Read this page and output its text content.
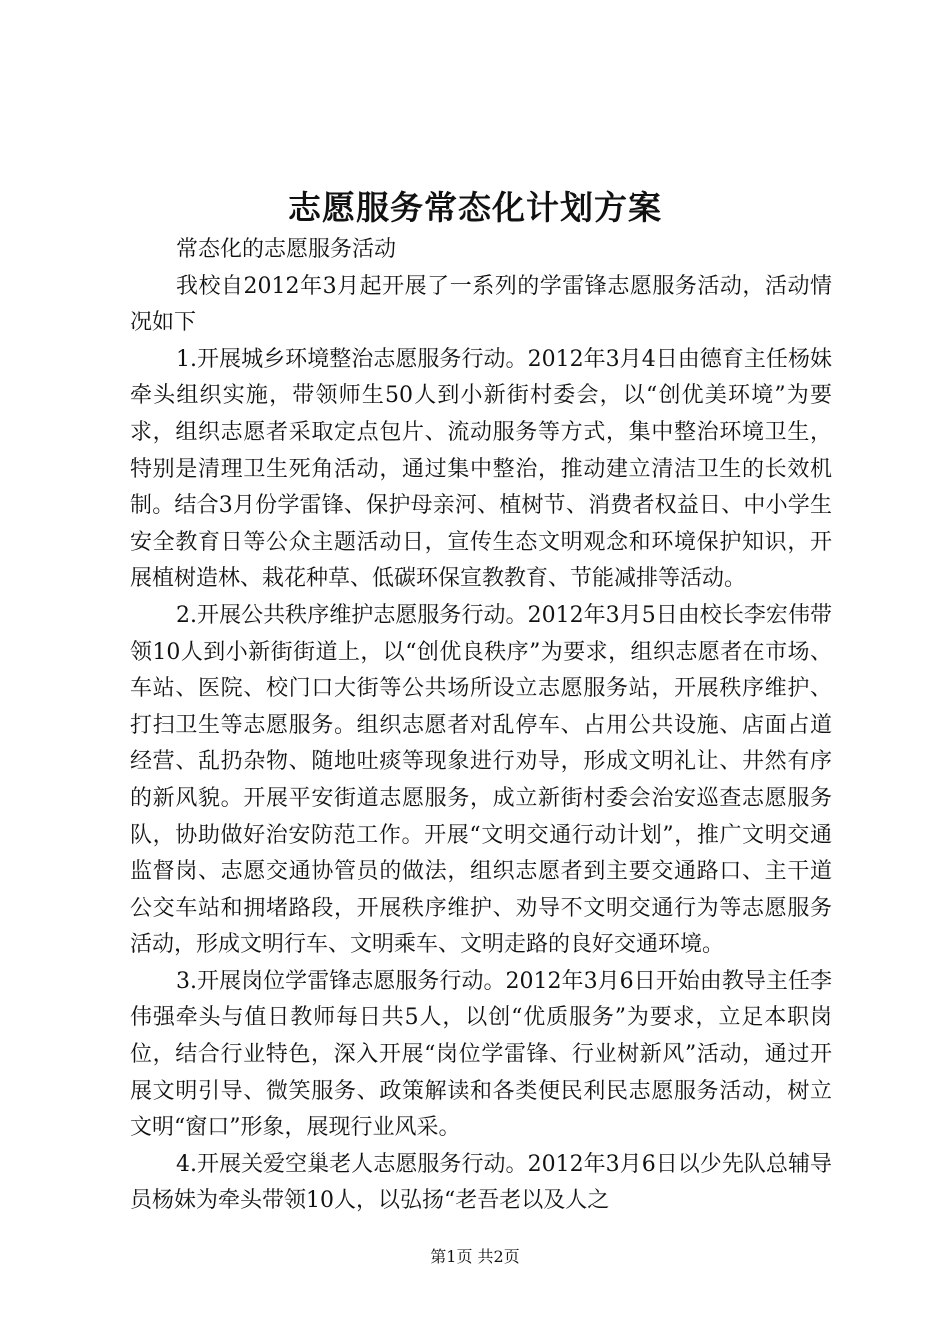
志愿服务常态化计划方案

常态化的志愿服务活动

我校自2012年3月起开展了一系列的学雷锋志愿服务活动，活动情况如下

1.开展城乡环境整治志愿服务行动。2012年3月4日由德育主任杨妹牵头组织实施，带领师生50人到小新街村委会，以“创优美环境”为要求，组织志愿者采取定点包片、流动服务等方式，集中整治环境卫生，特别是清理卫生死角活动，通过集中整治，推动建立清洁卫生的长效机制。结合3月份学雷锋、保护母亲河、植树节、消费者权益日、中小学生安全教育日等公众主题活动日，宣传生态文明观念和环境保护知识，开展植树造林、栽花种草、低碳环保宣教教育、节能减排等活动。

2.开展公共秩序维护志愿服务行动。2012年3月5日由校长李宏伟带领10人到小新街街道上，以“创优良秩序”为要求，组织志愿者在市场、车站、医院、校门口大街等公共场所设立志愿服务站，开展秩序维护、打扫卫生等志愿服务。组织志愿者对乱停车、占用公共设施、店面占道经营、乱扔杂物、随地吐痰等现象进行劝导，形成文明礼让、井然有序的新风貌。开展平安街道志愿服务，成立新街村委会治安巡查志愿服务队，协助做好治安防范工作。开展“文明交通行动计划”，推广文明交通监督岗、志愿交通协管员的做法，组织志愿者到主要交通路口、主干道公交车站和拥堵路段，开展秩序维护、劝导不文明交通行为等志愿服务活动，形成文明行车、文明乘车、文明走路的良好交通环境。

3.开展岗位学雷锋志愿服务行动。2012年3月6日开始由教导主任李伟强牵头与值日教师每日共5人，以创“优质服务”为要求，立足本职岗位，结合行业特色，深入开展“岗位学雷锋、行业树新风”活动，通过开展文明引导、微笑服务、政策解读和各类便民利民志愿服务活动，树立文明“窗口”形象，展现行业风采。

4.开展关爱空巢老人志愿服务行动。2012年3月6日以少先队总辅导员杨妹为牵头带领10人，以弘扬“老吾老以及人之

第1页 共2页
